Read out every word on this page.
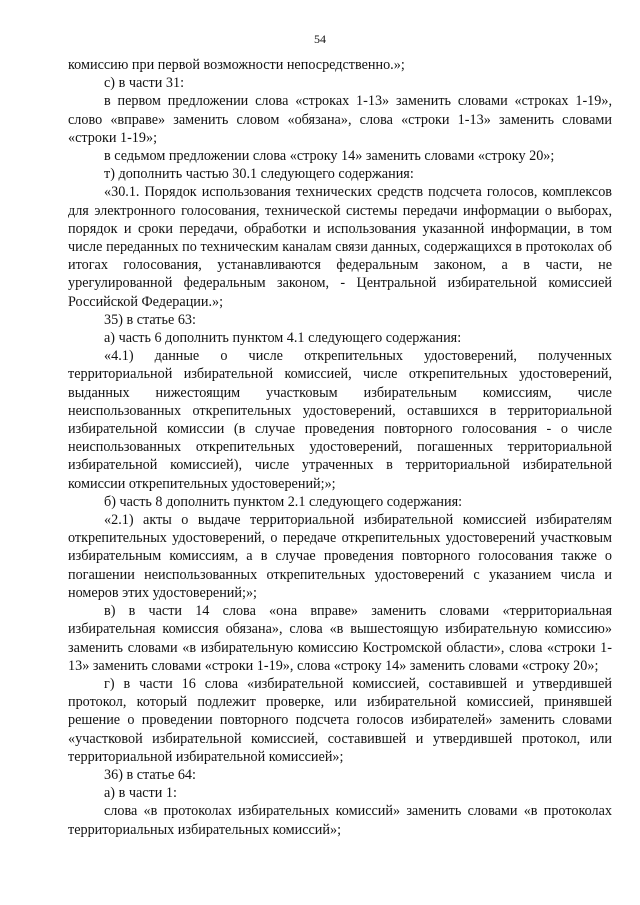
54

комиссию при первой возможности непосредственно.»;

с) в части 31:

в первом предложении слова «строках 1-13» заменить словами «строках 1-19», слово «вправе» заменить словом «обязана», слова «строки 1-13» заменить словами «строки 1-19»;

в седьмом предложении слова «строку 14» заменить словами «строку 20»;

т) дополнить частью 30.1 следующего содержания:

«30.1. Порядок использования технических средств подсчета голосов, комплексов для электронного голосования, технической системы передачи информации о выборах, порядок и сроки передачи, обработки и использования указанной информации, в том числе переданных по техническим каналам связи данных, содержащихся в протоколах об итогах голосования, устанавливаются федеральным законом, а в части, не урегулированной федеральным законом, - Центральной избирательной комиссией Российской Федерации.»;

35) в статье 63:

а) часть 6 дополнить пунктом 4.1 следующего содержания:

«4.1) данные о числе открепительных удостоверений, полученных территориальной избирательной комиссией, числе открепительных удостоверений, выданных нижестоящим участковым избирательным комиссиям, числе неиспользованных открепительных удостоверений, оставшихся в территориальной избирательной комиссии (в случае проведения повторного голосования - о числе неиспользованных открепительных удостоверений, погашенных территориальной избирательной комиссией), числе утраченных в территориальной избирательной комиссии открепительных удостоверений;»;

б) часть 8 дополнить пунктом 2.1 следующего содержания:

«2.1) акты о выдаче территориальной избирательной комиссией избирателям открепительных удостоверений, о передаче открепительных удостоверений участковым избирательным комиссиям, а в случае проведения повторного голосования также о погашении неиспользованных открепительных удостоверений с указанием числа и номеров этих удостоверений;»;

в) в части 14 слова «она вправе» заменить словами «территориальная избирательная комиссия обязана», слова «в вышестоящую избирательную комиссию» заменить словами «в избирательную комиссию Костромской области», слова «строки 1-13» заменить словами «строки 1-19», слова «строку 14» заменить словами «строку 20»;

г) в части 16 слова «избирательной комиссией, составившей и утвердившей протокол, который подлежит проверке, или избирательной комиссией, принявшей решение о проведении повторного подсчета голосов избирателей» заменить словами «участковой избирательной комиссией, составившей и утвердившей протокол, или территориальной избирательной комиссией»;

36) в статье 64:

а) в части 1:

слова «в протоколах избирательных комиссий» заменить словами «в протоколах территориальных избирательных комиссий»;
